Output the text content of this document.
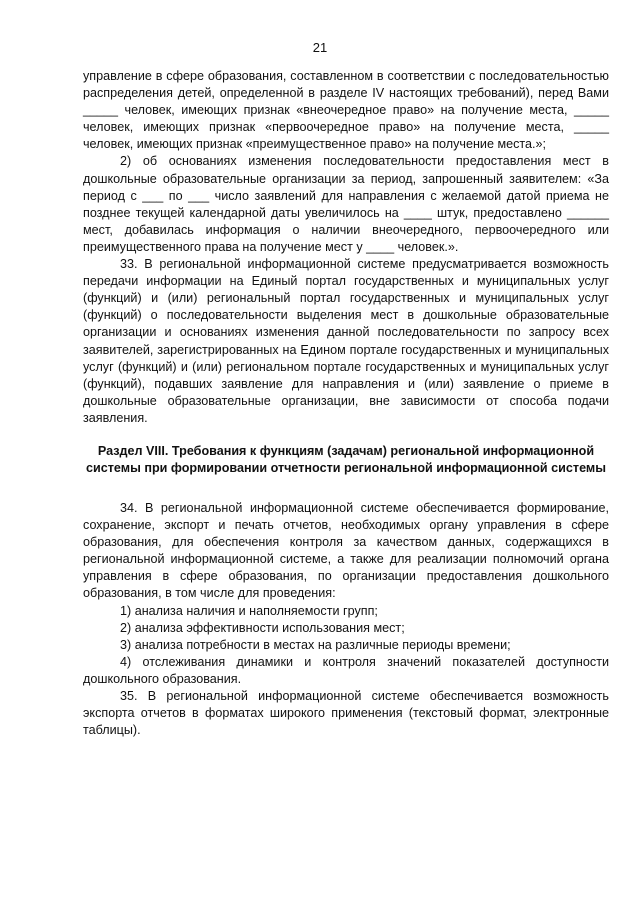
21

управление в сфере образования, составленном в соответствии с последовательностью распределения детей, определенной в разделе IV настоящих требований), перед Вами _____ человек, имеющих признак «внеочередное право» на получение места, _____ человек, имеющих признак «первоочередное право» на получение места, _____ человек, имеющих признак «преимущественное право» на получение места.»;

2) об основаниях изменения последовательности предоставления мест в дошкольные образовательные организации за период, запрошенный заявителем: «За период с ___ по ___ число заявлений для направления с желаемой датой приема не позднее текущей календарной даты увеличилось на ____ штук, предоставлено ______ мест, добавилась информация о наличии внеочередного, первоочередного или преимущественного права на получение мест у ____ человек.».

33. В региональной информационной системе предусматривается возможность передачи информации на Единый портал государственных и муниципальных услуг (функций) и (или) региональный портал государственных и муниципальных услуг (функций) о последовательности выделения мест в дошкольные образовательные организации и основаниях изменения данной последовательности по запросу всех заявителей, зарегистрированных на Едином портале государственных и муниципальных услуг (функций) и (или) региональном портале государственных и муниципальных услуг (функций), подавших заявление для направления и (или) заявление о приеме в дошкольные образовательные организации, вне зависимости от способа подачи заявления.

Раздел VIII. Требования к функциям (задачам) региональной информационной системы при формировании отчетности региональной информационной системы

34. В региональной информационной системе обеспечивается формирование, сохранение, экспорт и печать отчетов, необходимых органу управления в сфере образования, для обеспечения контроля за качеством данных, содержащихся в региональной информационной системе, а также для реализации полномочий органа управления в сфере образования, по организации предоставления дошкольного образования, в том числе для проведения:

1) анализа наличия и наполняемости групп;

2) анализа эффективности использования мест;

3) анализа потребности в местах на различные периоды времени;

4) отслеживания динамики и контроля значений показателей доступности дошкольного образования.

35. В региональной информационной системе обеспечивается возможность экспорта отчетов в форматах широкого применения (текстовый формат, электронные таблицы).
